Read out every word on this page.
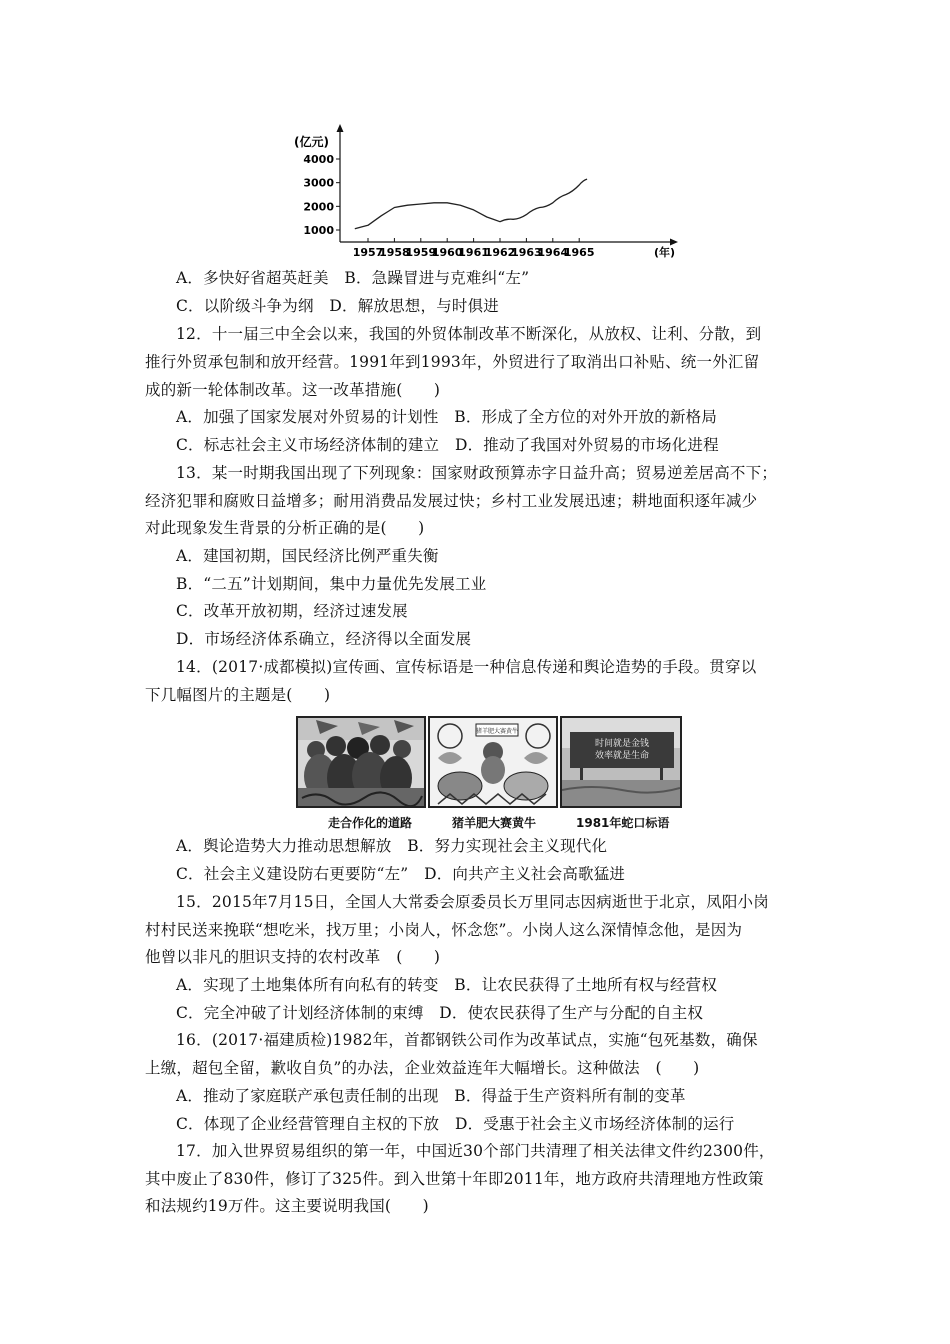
(亿元)
4000
3000
2000
1000
1957
1958
1959
1960
1961
1962
1963
1964
1965	(年)
A．多快好省超英赶美　B．急躁冒进与克难纠“左”
C．以阶级斗争为纲　D．解放思想，与时俱进
12．十一届三中全会以来，我国的外贸体制改革不断深化，从放权、让利、分散，到
推行外贸承包制和放开经营。1991年到1993年，外贸进行了取消出口补贴、统一外汇留
成的新一轮体制改革。这一改革措施(　　)
A．加强了国家发展对外贸易的计划性　B．形成了全方位的对外开放的新格局
C．标志社会主义市场经济体制的建立　D．推动了我国对外贸易的市场化进程
13．某一时期我国出现了下列现象：国家财政预算赤字日益升高；贸易逆差居高不下；
经济犯罪和腐败日益增多；耐用消费品发展过快；乡村工业发展迅速；耕地面积逐年减少
对此现象发生背景的分析正确的是(　　)
A．建国初期，国民经济比例严重失衡
B．“二五”计划期间，集中力量优先发展工业
C．改革开放初期，经济过速发展
D．市场经济体系确立，经济得以全面发展
14．(2017·成都模拟)宣传画、宣传标语是一种信息传递和舆论造势的手段。贯穿以
下几幅图片的主题是(　　)
猪羊肥大赛黄牛
时间就是金钱
效率就是生命
走合作化的道路	猪羊肥大赛黄牛	1981年蛇口标语
A．舆论造势大力推动思想解放　B．努力实现社会主义现代化
C．社会主义建设防右更要防“左”　D．向共产主义社会高歌猛进
15．2015年7月15日，全国人大常委会原委员长万里同志因病逝世于北京，凤阳小岗
村村民送来挽联“想吃米，找万里；小岗人，怀念您”。小岗人这么深情悼念他，是因为
他曾以非凡的胆识支持的农村改革　(　　)
A．实现了土地集体所有向私有的转变　B．让农民获得了土地所有权与经营权
C．完全冲破了计划经济体制的束缚　D．使农民获得了生产与分配的自主权
16．(2017·福建质检)1982年，首都钢铁公司作为改革试点，实施“包死基数，确保
上缴，超包全留，歉收自负”的办法，企业效益连年大幅增长。这种做法　(　　)
A．推动了家庭联产承包责任制的出现　B．得益于生产资料所有制的变革
C．体现了企业经营管理自主权的下放　D．受惠于社会主义市场经济体制的运行
17．加入世界贸易组织的第一年，中国近30个部门共清理了相关法律文件约2300件，
其中废止了830件，修订了325件。到入世第十年即2011年，地方政府共清理地方性政策
和法规约19万件。这主要说明我国(　　)
